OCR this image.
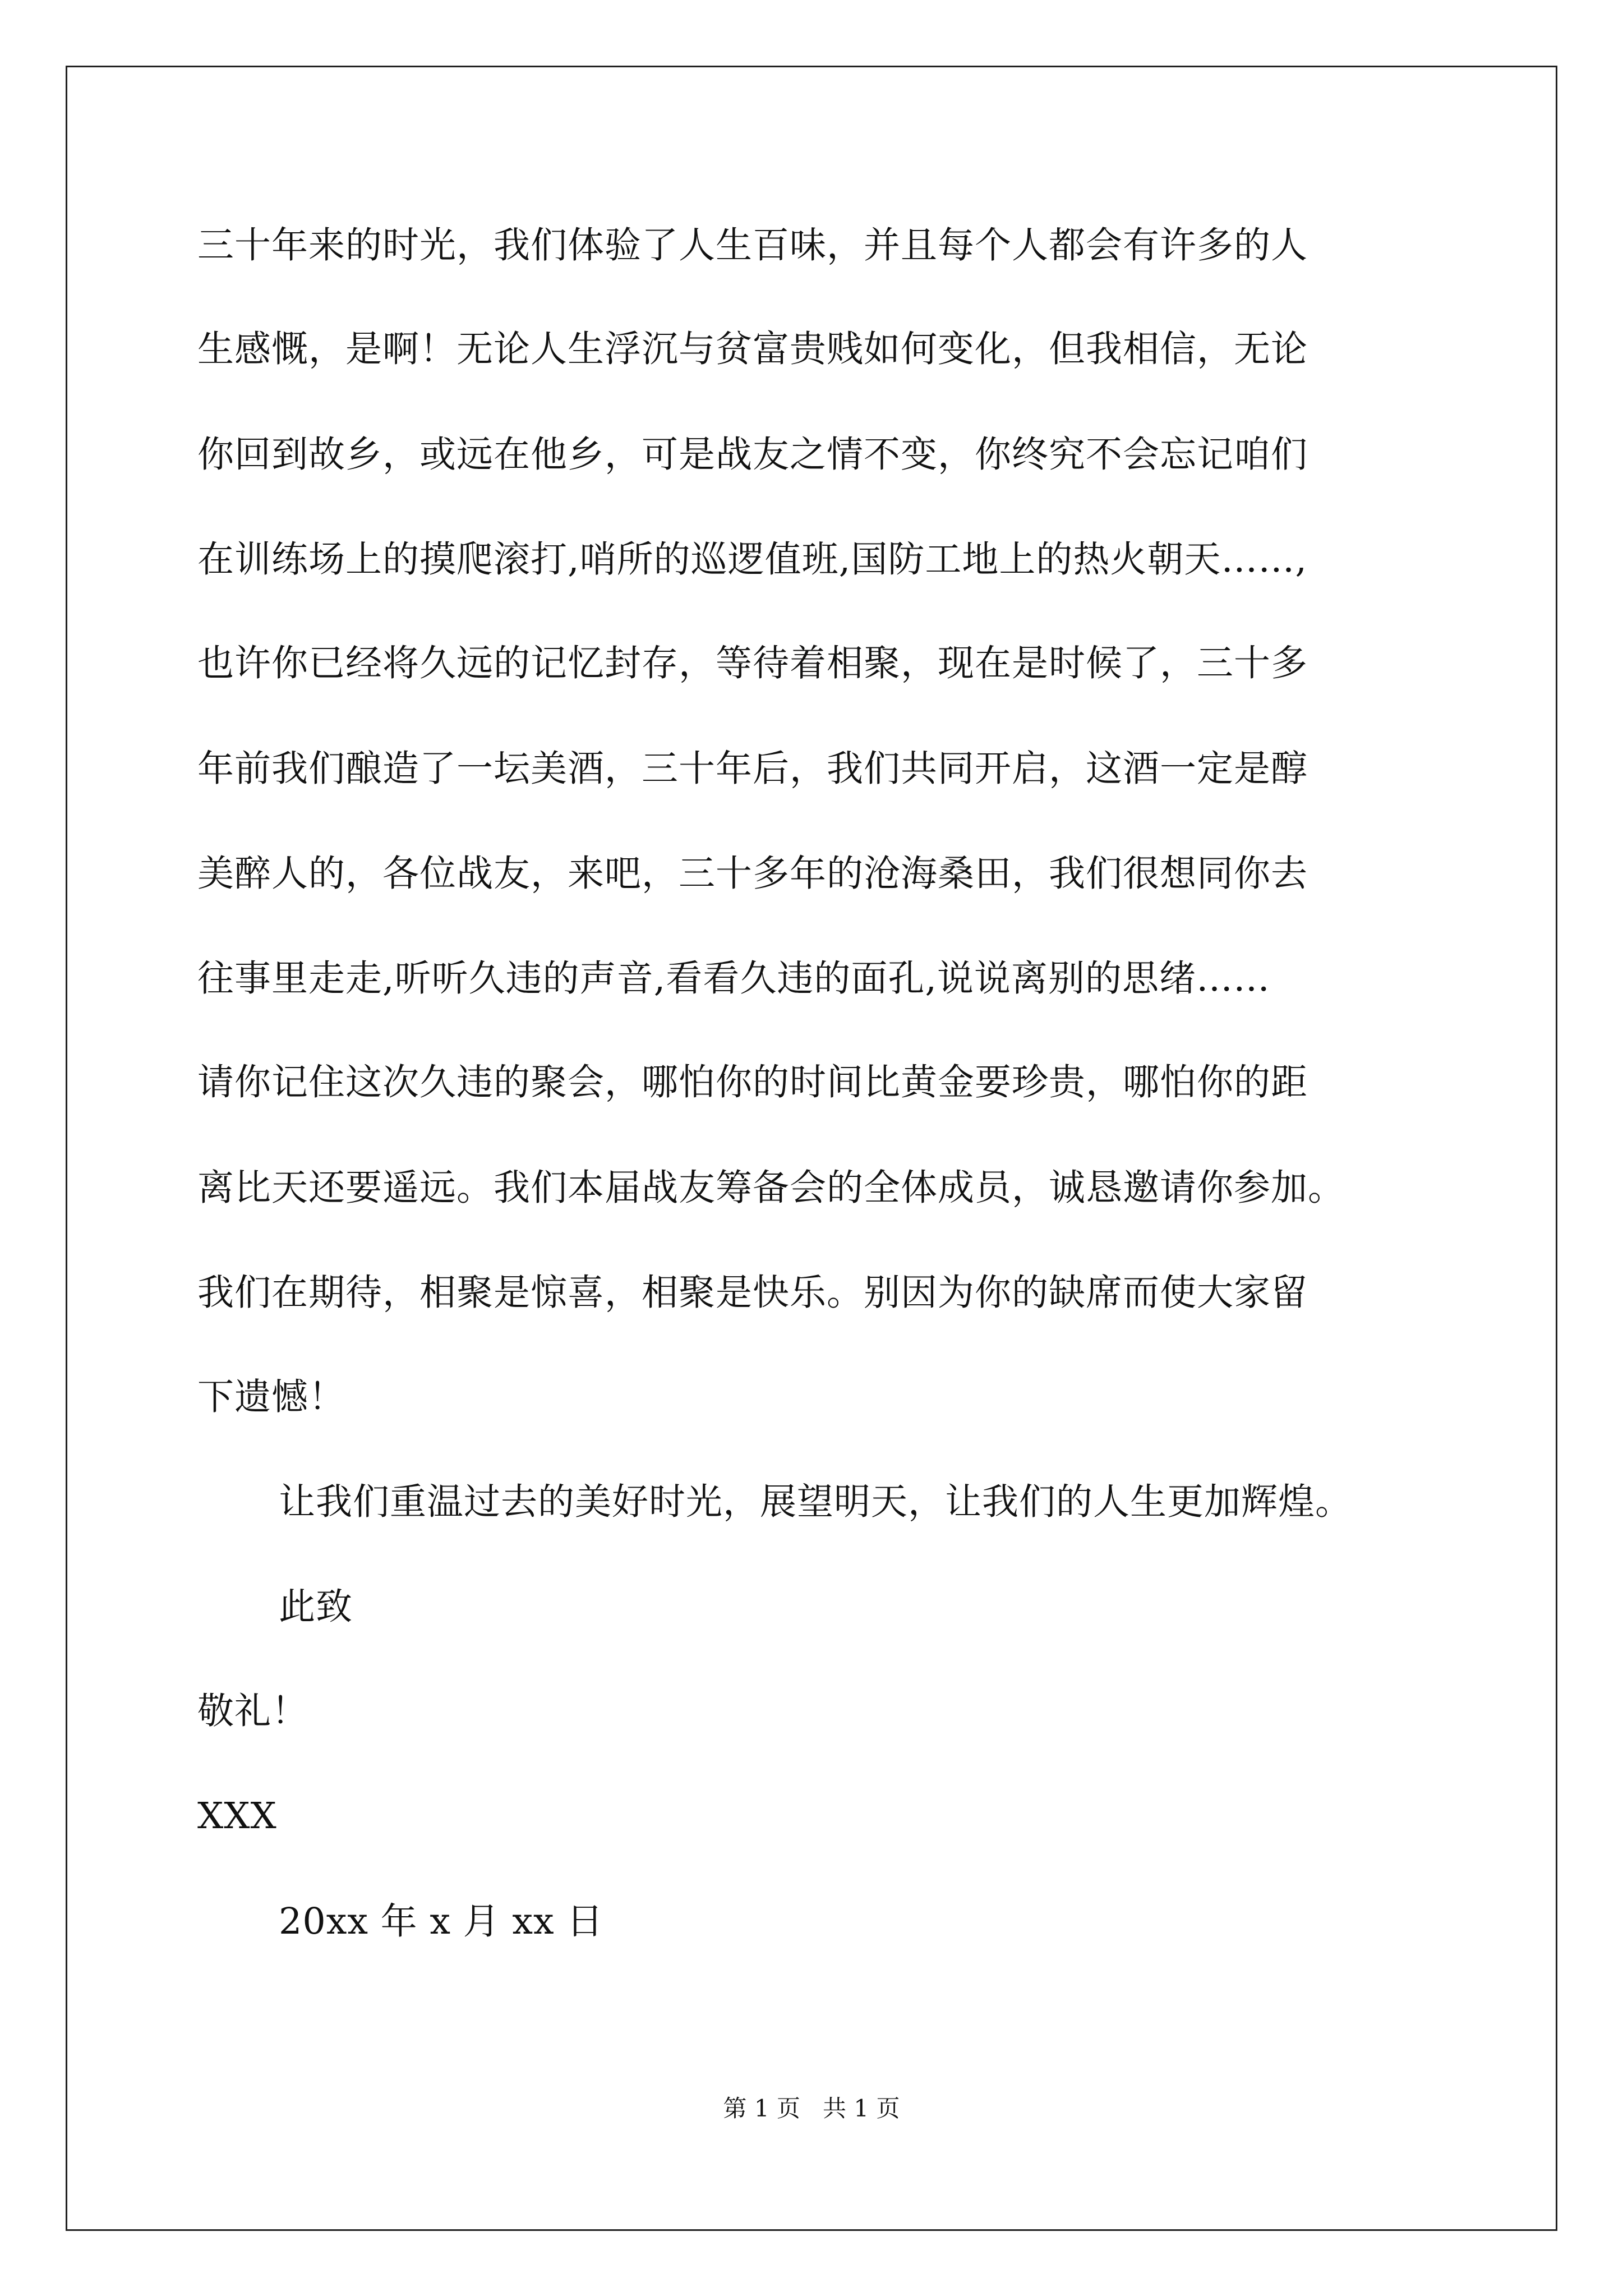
三十年来的时光，我们体验了人生百味，并且每个人都会有许多的人

生感慨，是啊！无论人生浮沉与贫富贵贱如何变化，但我相信，无论

你回到故乡，或远在他乡，可是战友之情不变，你终究不会忘记咱们

在训练场上的摸爬滚打,哨所的巡逻值班,国防工地上的热火朝天……,

也许你已经将久远的记忆封存，等待着相聚，现在是时候了，三十多

年前我们酿造了一坛美酒，三十年后，我们共同开启，这酒一定是醇

美醉人的，各位战友，来吧，三十多年的沧海桑田，我们很想同你去

往事里走走,听听久违的声音,看看久违的面孔,说说离别的思绪……

请你记住这次久违的聚会，哪怕你的时间比黄金要珍贵，哪怕你的距

离比天还要遥远。我们本届战友筹备会的全体成员，诚恳邀请你参加。

我们在期待，相聚是惊喜，相聚是快乐。别因为你的缺席而使大家留

下遗憾！

让我们重温过去的美好时光，展望明天，让我们的人生更加辉煌。

此致

敬礼！

XXX

20xx 年 x 月 xx 日

第 1 页   共 1 页
